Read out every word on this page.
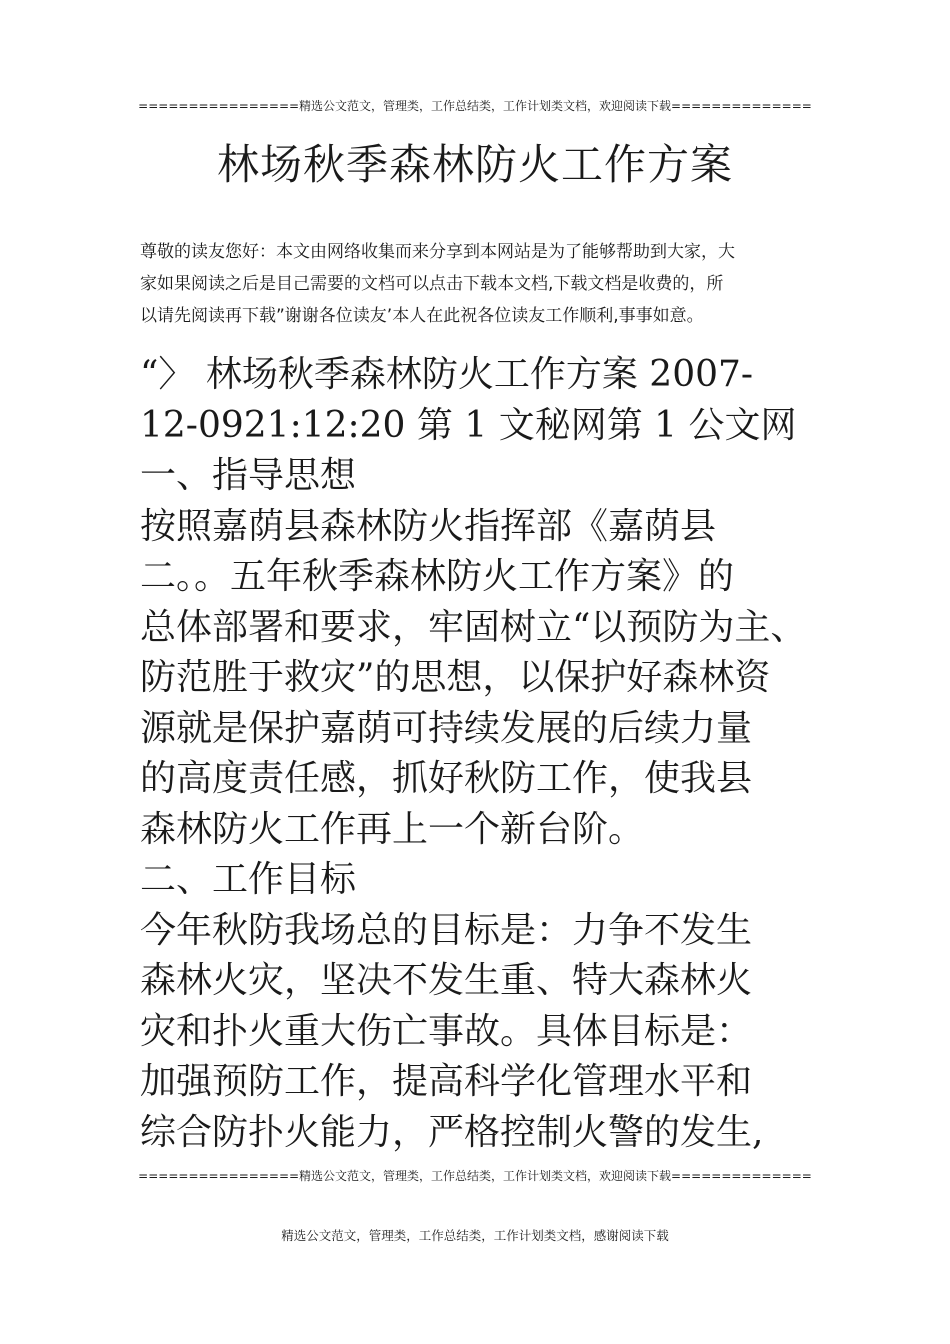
================精选公文范文，管理类，工作总结类，工作计划类文档，欢迎阅读下载==============
林场秋季森林防火工作方案
尊敬的读友您好：本文由网络收集而来分享到本网站是为了能够帮助到大家，大
家如果阅读之后是目己需要的文档可以点击下载本文档,下载文档是收费的，所
以请先阅读再下载”谢谢各位读友’本人在此祝各位读友工作顺利,事事如意。
“〉 林场秋季森林防火工作方案 2007-
12-0921:12:20 第 1 文秘网第 1 公文网
一、指导思想
按照嘉荫县森林防火指挥部《嘉荫县
二。。五年秋季森林防火工作方案》的
总体部署和要求，牢固树立“以预防为主、
防范胜于救灾”的思想，以保护好森林资
源就是保护嘉荫可持续发展的后续力量
的高度责任感，抓好秋防工作，使我县
森林防火工作再上一个新台阶。
二、工作目标
今年秋防我场总的目标是：力争不发生
森林火灾，坚决不发生重、特大森林火
灾和扑火重大伤亡事故。具体目标是：
加强预防工作，提高科学化管理水平和
综合防扑火能力，严格控制火警的发生,
================精选公文范文，管理类，工作总结类，工作计划类文档，欢迎阅读下载==============
精选公文范文，管理类，工作总结类，工作计划类文档，感谢阅读下载
